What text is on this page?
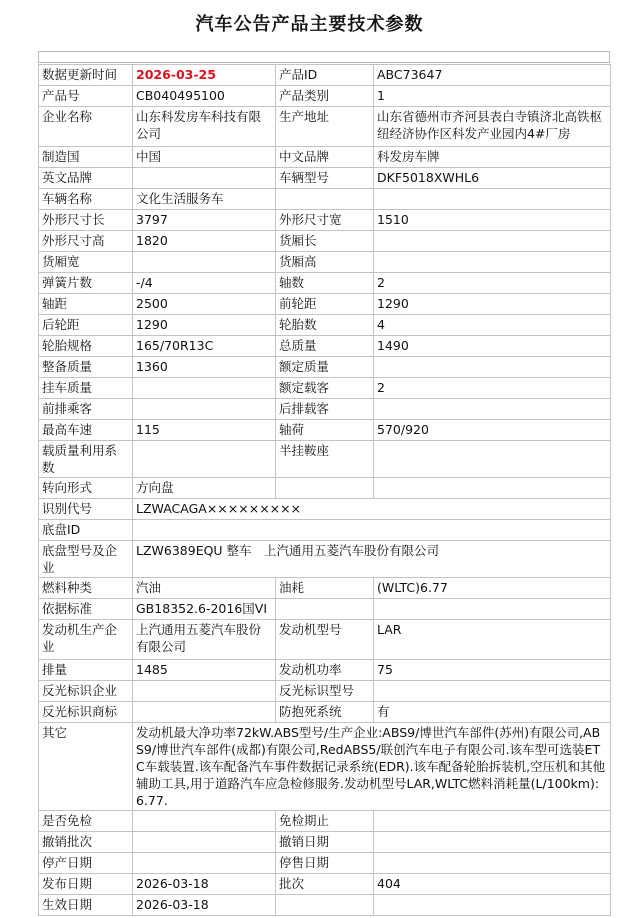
汽车公告产品主要技术参数
数据更新时间	2026-03-25	产品ID	ABC73647
产品号	CB040495100	产品类别	1
企业名称	山东科发房车科技有限公司	生产地址	山东省德州市齐河县表白寺镇济北高铁枢纽经济协作区科发产业园内4#厂房
制造国	中国	中文品牌	科发房车牌
英文品牌		车辆型号	DKF5018XWHL6
车辆名称	文化生活服务车		
外形尺寸长	3797	外形尺寸宽	1510
外形尺寸高	1820	货厢长	
货厢宽		货厢高	
弹簧片数	-/4	轴数	2
轴距	2500	前轮距	1290
后轮距	1290	轮胎数	4
轮胎规格	165/70R13C	总质量	1490
整备质量	1360	额定质量	
挂车质量		额定载客	2
前排乘客		后排载客	
最高车速	115	轴荷	570/920
载质量利用系数		半挂鞍座	
转向形式	方向盘		
识别代号	LZWACAGA×××××××××		
底盘ID			
底盘型号及企业	LZW6389EQU 整车　上汽通用五菱汽车股份有限公司		
燃料种类	汽油	油耗	(WLTC)6.77
依据标准	GB18352.6-2016国VI		
发动机生产企业	上汽通用五菱汽车股份有限公司	发动机型号	LAR
排量	1485	发动机功率	75
反光标识企业		反光标识型号	
反光标识商标		防抱死系统	有
其它	发动机最大净功率72kW.ABS型号/生产企业:ABS9/博世汽车部件(苏州)有限公司,ABS9/博世汽车部件(成都)有限公司,RedABS5/联创汽车电子有限公司.该车型可选装ETC车载装置.该车配备汽车事件数据记录系统(EDR).该车配备轮胎拆装机,空压机和其他辅助工具,用于道路汽车应急检修服务.发动机型号LAR,WLTC燃料消耗量(L/100km):6.77.		
是否免检		免检期止	
撤销批次		撤销日期	
停产日期		停售日期	
发布日期	2026-03-18	批次	404
生效日期	2026-03-18		
